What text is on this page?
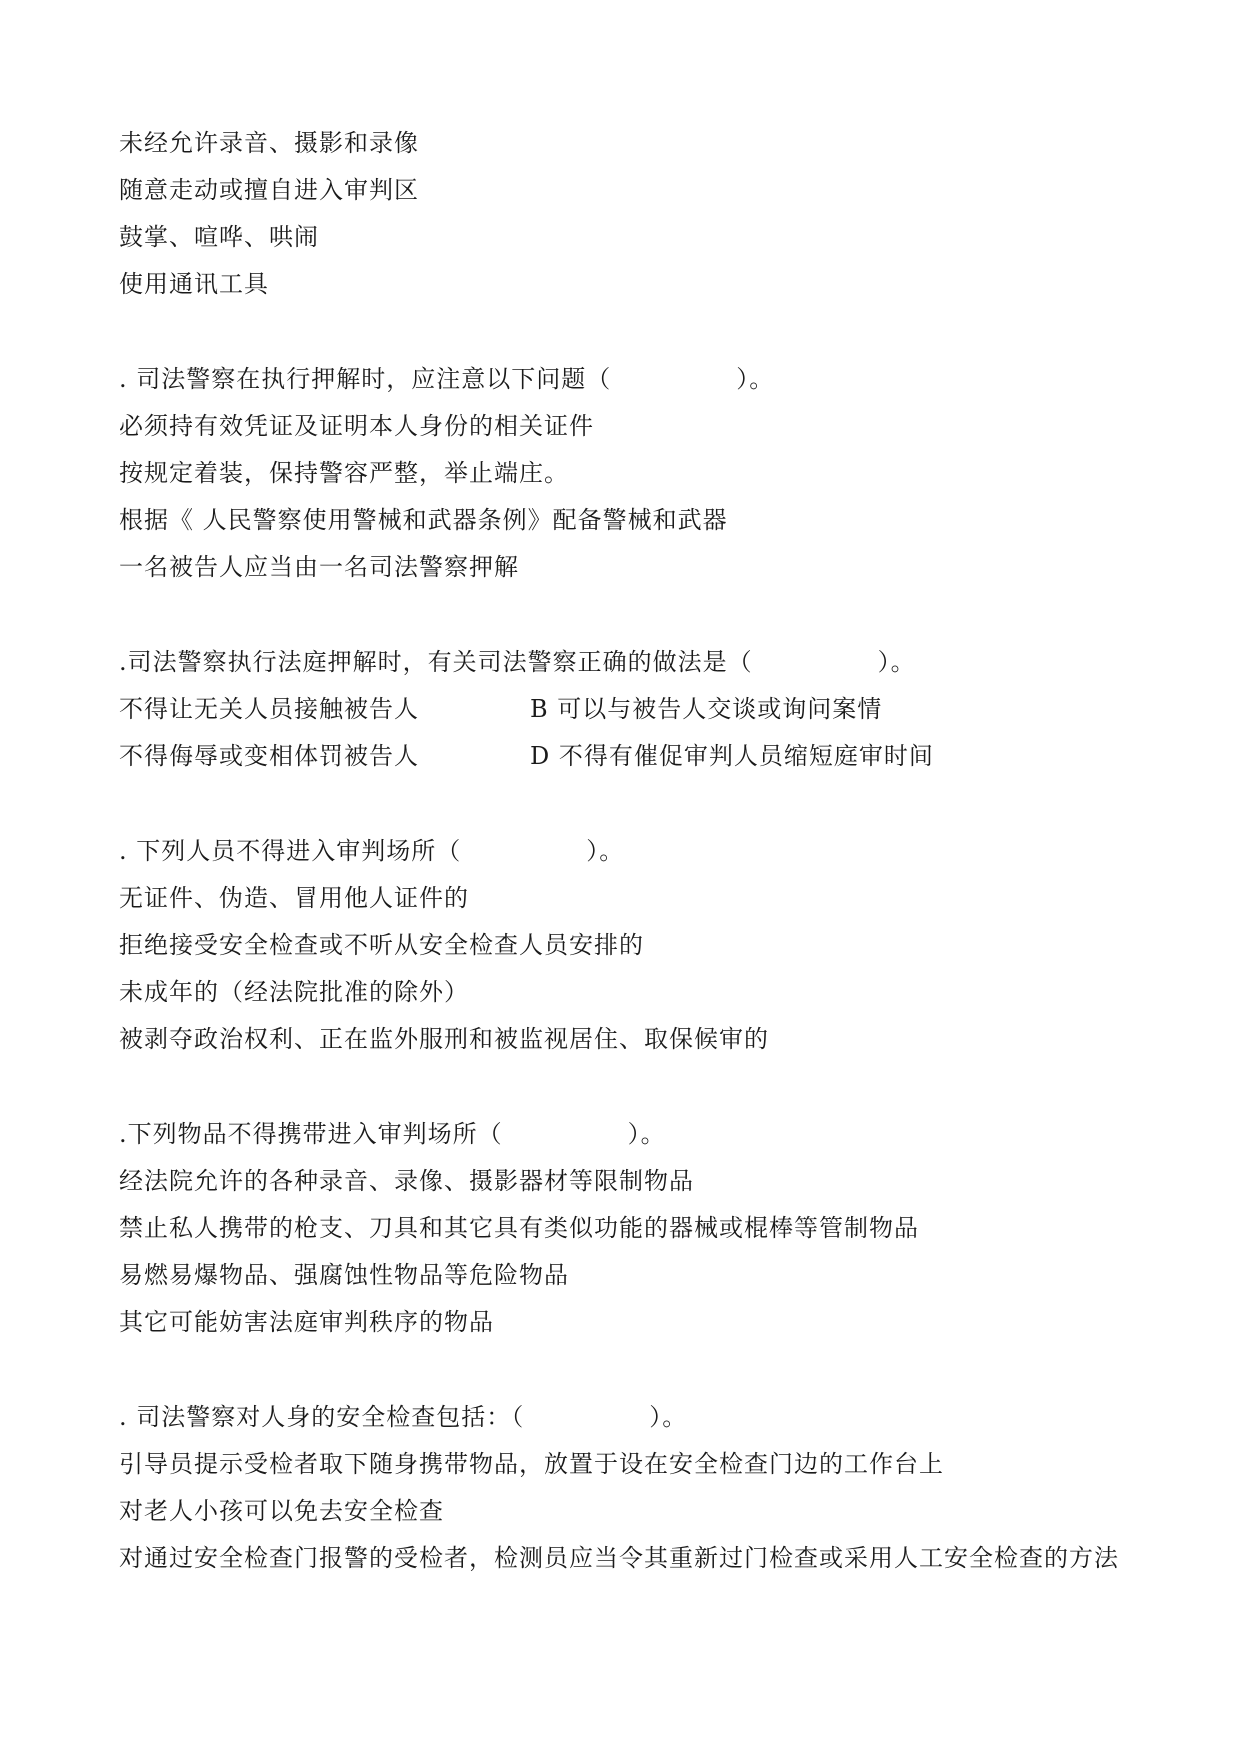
未经允许录音、摄影和录像
随意走动或擅自进入审判区
鼓掌、喧哗、哄闹
使用通讯工具
. 司法警察在执行押解时，应注意以下问题（　　　　　）。
必须持有效凭证及证明本人身份的相关证件
按规定着装，保持警容严整，举止端庄。
根据《 人民警察使用警械和武器条例》配备警械和武器
一名被告人应当由一名司法警察押解
.司法警察执行法庭押解时，有关司法警察正确的做法是（　　　　　）。
不得让无关人员接触被告人	B 可以与被告人交谈或询问案情
不得侮辱或变相体罚被告人	D 不得有催促审判人员缩短庭审时间
. 下列人员不得进入审判场所（　　　　　）。
无证件、伪造、冒用他人证件的
拒绝接受安全检查或不听从安全检查人员安排的
未成年的（经法院批准的除外）
被剥夺政治权利、正在监外服刑和被监视居住、取保候审的
.下列物品不得携带进入审判场所（　　　　　）。
经法院允许的各种录音、录像、摄影器材等限制物品
禁止私人携带的枪支、刀具和其它具有类似功能的器械或棍棒等管制物品
易燃易爆物品、强腐蚀性物品等危险物品
其它可能妨害法庭审判秩序的物品
. 司法警察对人身的安全检查包括：（　　　　　）。
引导员提示受检者取下随身携带物品，放置于设在安全检查门边的工作台上
对老人小孩可以免去安全检查
对通过安全检查门报警的受检者，检测员应当令其重新过门检查或采用人工安全检查的方法
